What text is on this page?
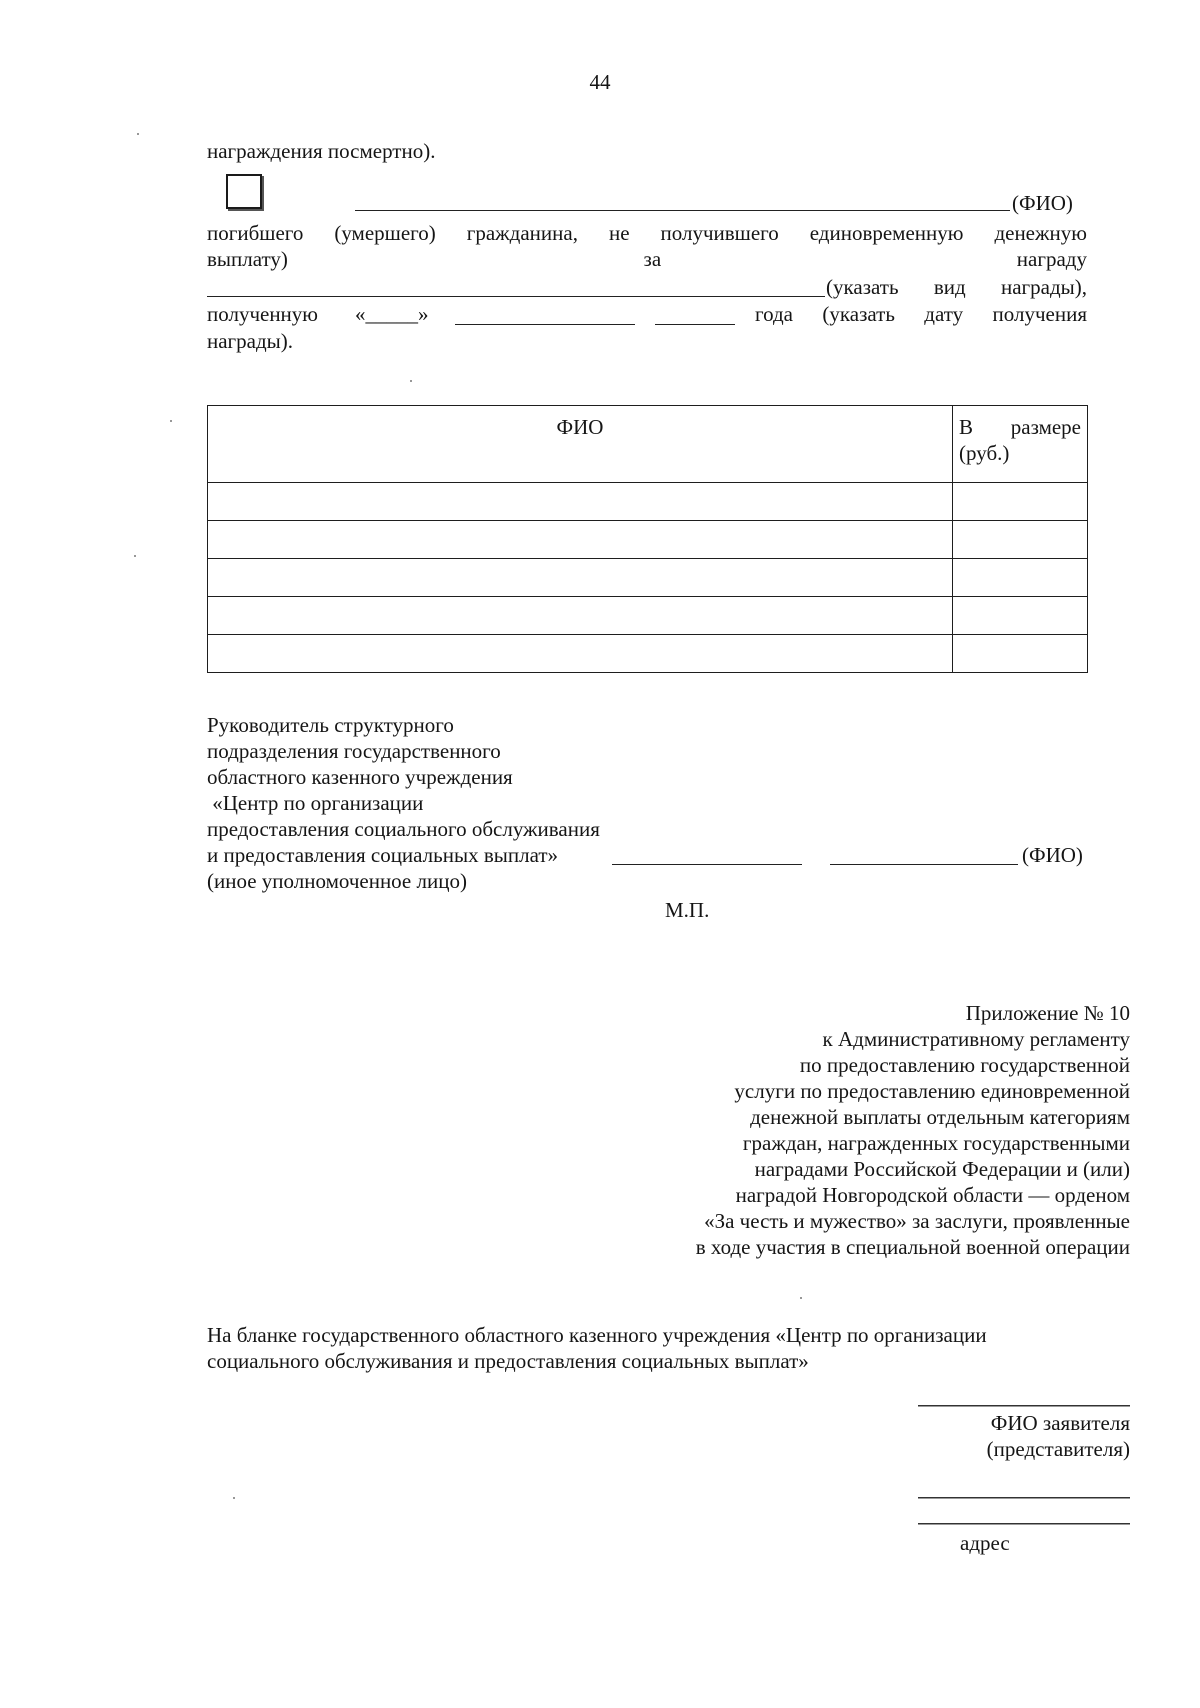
44
награждения посмертно).
(ФИО)
погибшего (умершего) гражданина, не получившего единовременную денежную
выплату)	за	награду
(указать вид награды),
полученную «_____»	года (указать дату получения
награды).
ФИО	В размере
(руб.)

Руководитель структурного
подразделения государственного
областного казенного учреждения
«Центр по организации
предоставления социального обслуживания
и предоставления социальных выплат»	(ФИО)
(иное уполномоченное лицо)
М.П.
Приложение № 10
к Административному регламенту
по предоставлению государственной
услуги по предоставлению единовременной
денежной выплаты отдельным категориям
граждан, награжденных государственными
наградами Российской Федерации и (или)
наградой Новгородской области — орденом
«За честь и мужество» за заслуги, проявленные
в ходе участия в специальной военной операции
На бланке государственного областного казенного учреждения «Центр по организации
социального обслуживания и предоставления социальных выплат»
ФИО заявителя
(представителя)
адрес
